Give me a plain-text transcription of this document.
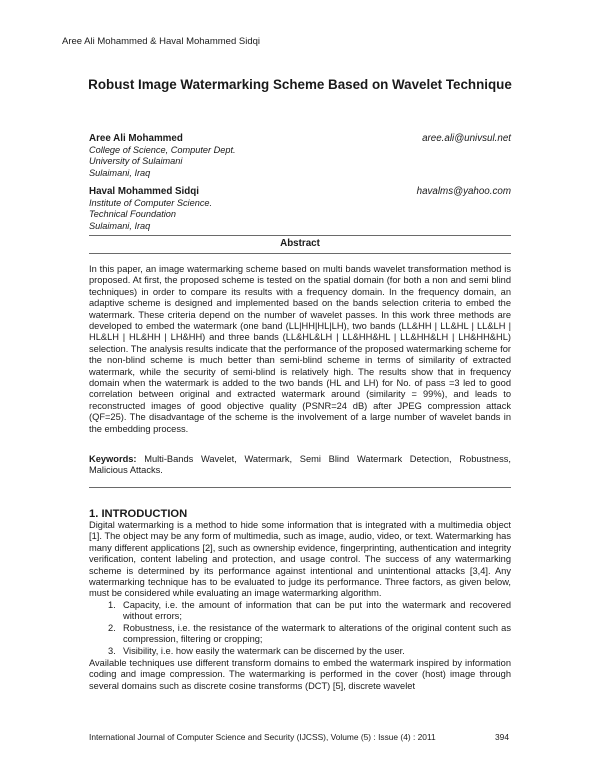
Aree Ali Mohammed & Haval Mohammed Sidqi
Robust Image Watermarking Scheme Based on Wavelet Technique
Aree Ali Mohammed	aree.ali@univsul.net
College of Science, Computer Dept.
University of Sulaimani
Sulaimani, Iraq
Haval Mohammed Sidqi	havalms@yahoo.com
Institute of Computer Science.
Technical Foundation
Sulaimani, Iraq
Abstract
In this paper, an image watermarking scheme based on multi bands wavelet transformation method is proposed. At first, the proposed scheme is tested on the spatial domain (for both a non and semi blind techniques) in order to compare its results with a frequency domain. In the frequency domain, an adaptive scheme is designed and implemented based on the bands selection criteria to embed the watermark. These criteria depend on the number of wavelet passes. In this work three methods are developed to embed the watermark (one band (LL|HH|HL|LH), two bands (LL&HH | LL&HL | LL&LH | HL&LH | HL&HH | LH&HH) and three bands (LL&HL&LH | LL&HH&HL | LL&HH&LH | LH&HH&HL) selection. The analysis results indicate that the performance of the proposed watermarking scheme for the non-blind scheme is much better than semi-blind scheme in terms of similarity of extracted watermark, while the security of semi-blind is relatively high. The results show that in frequency domain when the watermark is added to the two bands (HL and LH) for No. of pass =3 led to good correlation between original and extracted watermark around (similarity = 99%), and leads to reconstructed images of good objective quality (PSNR=24 dB) after JPEG compression attack (QF=25). The disadvantage of the scheme is the involvement of a large number of wavelet bands in the embedding process.
Keywords: Multi-Bands Wavelet, Watermark, Semi Blind Watermark Detection, Robustness, Malicious Attacks.
1. INTRODUCTION
Digital watermarking is a method to hide some information that is integrated with a multimedia object [1]. The object may be any form of multimedia, such as image, audio, video, or text. Watermarking has many different applications [2], such as ownership evidence, fingerprinting, authentication and integrity verification, content labeling and protection, and usage control. The success of any watermarking scheme is determined by its performance against intentional and unintentional attacks [3,4]. Any watermarking technique has to be evaluated to judge its performance. Three factors, as given below, must be considered while evaluating an image watermarking algorithm.
1. Capacity, i.e. the amount of information that can be put into the watermark and recovered without errors;
2. Robustness, i.e. the resistance of the watermark to alterations of the original content such as compression, filtering or cropping;
3. Visibility, i.e. how easily the watermark can be discerned by the user.
Available techniques use different transform domains to embed the watermark inspired by information coding and image compression. The watermarking is performed in the cover (host) image through several domains such as discrete cosine transforms (DCT) [5], discrete wavelet
International Journal of Computer Science and Security (IJCSS), Volume (5) : Issue (4) : 2011	394
